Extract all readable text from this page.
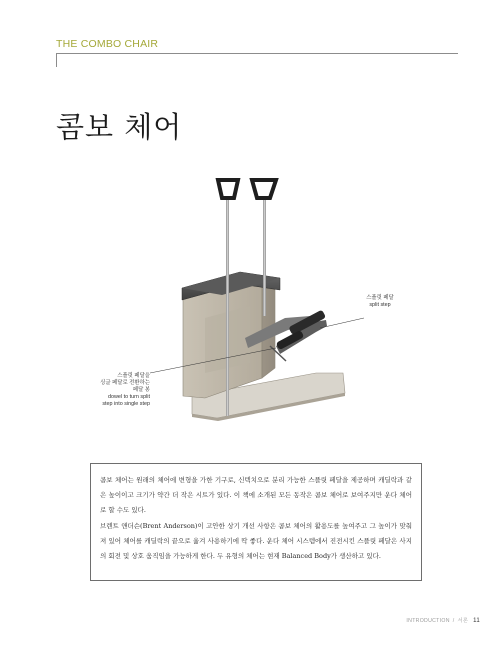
THE COMBO CHAIR
콤보 체어
스플릿 페달
split step
스플릿 페달을
싱글 페달로 전환하는
페달 봉
dowel to turn split
step into single step

콤보 체어는 원래의 체어에 변형을 가한 기구로, 신텍치으로 분리 가능한 스플릿 페달을 제공하며 캐딜락과 같은 높이이고 크기가 약간 더 작은 시트가 있다. 이 책에 소개된 모든 동작은 콤보 체어로 보여주지만 운다 체어로 할 수도 있다.

브렌트 앤더슨(Brent Anderson)이 고안한 상기 개선 사항은 콤보 체어의 활용도를 높여주고 그 높이가 맞춰져 있어 체어를 캐딜락의 끝으로 옮겨 사용하기에 딱 좋다. 운다 체어 시스템에서 진전시킨 스플릿 페달은 사지의 회전 및 상호 움직임을 가능하게 한다. 두 유형의 체어는 현재 Balanced Body가 생산하고 있다.

INTRODUCTION / 서론 11
